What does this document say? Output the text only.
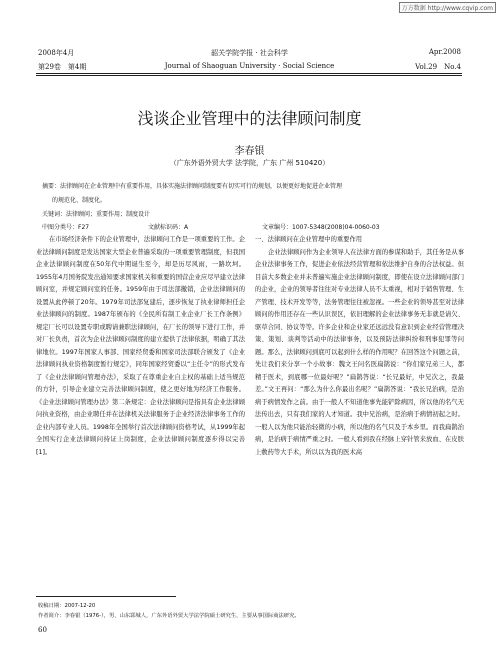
万方数据 http://www.cqvip.com
2008年4月	韶关学院学报 · 社会科学	Apr.2008
第29卷　第4期	Journal of Shaoguan University · Social Science	Vol.29　No.4
浅谈企业管理中的法律顾问制度
李春银
（广东外语外贸大学 法学院，广东 广州 510420）
摘要：法律顾问在企业管理中有重要作用，具体实施法律顾问制度要有切实可行的规划，以便更好地促进企业管理
的规范化、制度化。
关键词：法律顾问；重要作用；制度设计
中图分类号：F27	文献标识码：A	文章编号：1007-5348(2008)04-0060-03

在市场经济条件下的企业管理中，法律顾问工作是一项重要的工作。企业法律顾问制度是发达国家大型企业普遍采取的一项重要管理制度，但我国企业法律顾问制度在50年代中期诞生至今，却是历尽风雨，一路坎坷。1955年4月国务院发出通知要求国家机关和重要的国营企业应尽早建立法律顾问室，并规定顾问室的任务。1959年由于司法部撤销，企业法律顾问的设置从此停顿了20年。1979年司法部复建后，逐步恢复了执业律师担任企业法律顾问的制度。1987年颁布的《全民所有制工业企业厂长工作条例》规定厂长可以设置专职或聘请兼职法律顾问，在厂长的领导下进行工作，并对厂长负责，首次为企业法律顾问制度的建立提供了法律依据，明确了其法律地位。1997年国家人事部、国家经贸委和国家司法部联合颁发了《企业法律顾问执业资格制度暂行规定》，同年国家经贸委以“主任令”的形式发布了《企业法律顾问管理办法》，采取了在尊重企业自主权的基础上适当规范的方针，引导企业建立完善法律顾问制度，使之更好地为经济工作服务。《企业法律顾问管理办法》第二条规定：企业法律顾问是指具有企业法律顾问执业资格，由企业聘任并在法律机关法律服务于企业经济法律事务工作的企业内部专业人员。1998年全国举行首次法律顾问资格考试，从1999年起全国实行企业法律顾问持证上岗制度，企业法律顾问制度逐步得以完善[1]。

一、法律顾问在企业管理中的重要作用

企业法律顾问作为企业领导人在法律方面的参谋和助手，其任务是从事企业法律事务工作，促进企业依法经营管理和依法维护自身的合法权益。但目前大多数企业并未普遍实施企业法律顾问制度，即使在设立法律顾问部门的企业，企业的领导者往往对专业法律人员不太重视，相对于销售管理、生产管理、技术开发等等，法务管理往往被忽视。一些企业的领导甚至对法律顾问的作用还存在一些认识误区，依旧理解的企业法律事务无非就是请欠、驱草合同、协议等等。许多企业和企业家还远远没有意识到企业经营管理决策、策划、谈判等活动中的法律事务，以及预防法律纠纷和刑事犯罪等问题。那么，法律顾问到底可以起到什么样的作用呢？在回答这个问题之前，先让我们来分享一个小故事：魏文王问名医扁鹊说：“你们家兄弟三人，都精于医术，到底哪一位最好呢？”扁鹊答说：“长兄最好，中兄次之，我最差。”文王再问：“那么为什么你最出名呢？”扁鹊答说：“我长兄治病，是治病于病情发作之前。由于一般人不知道他事先能铲除病因，所以他的名气无法传出去，只有我们家的人才知道。我中兄治病，是治病于病情初起之时。一般人以为他只能治轻微的小病，所以他的名气只及于本乡里。而我扁鹊治病，是治病于病情严重之时。一般人看到我在经脉上穿针管来放血、在皮肤上敷药等大手术，所以以为我的医术高

收稿日期：2007-12-20
作者简介：李春银（1976-），男，山东郓城人，广东外语外贸大学法学院硕士研究生，主要从事国际商法研究。
60
